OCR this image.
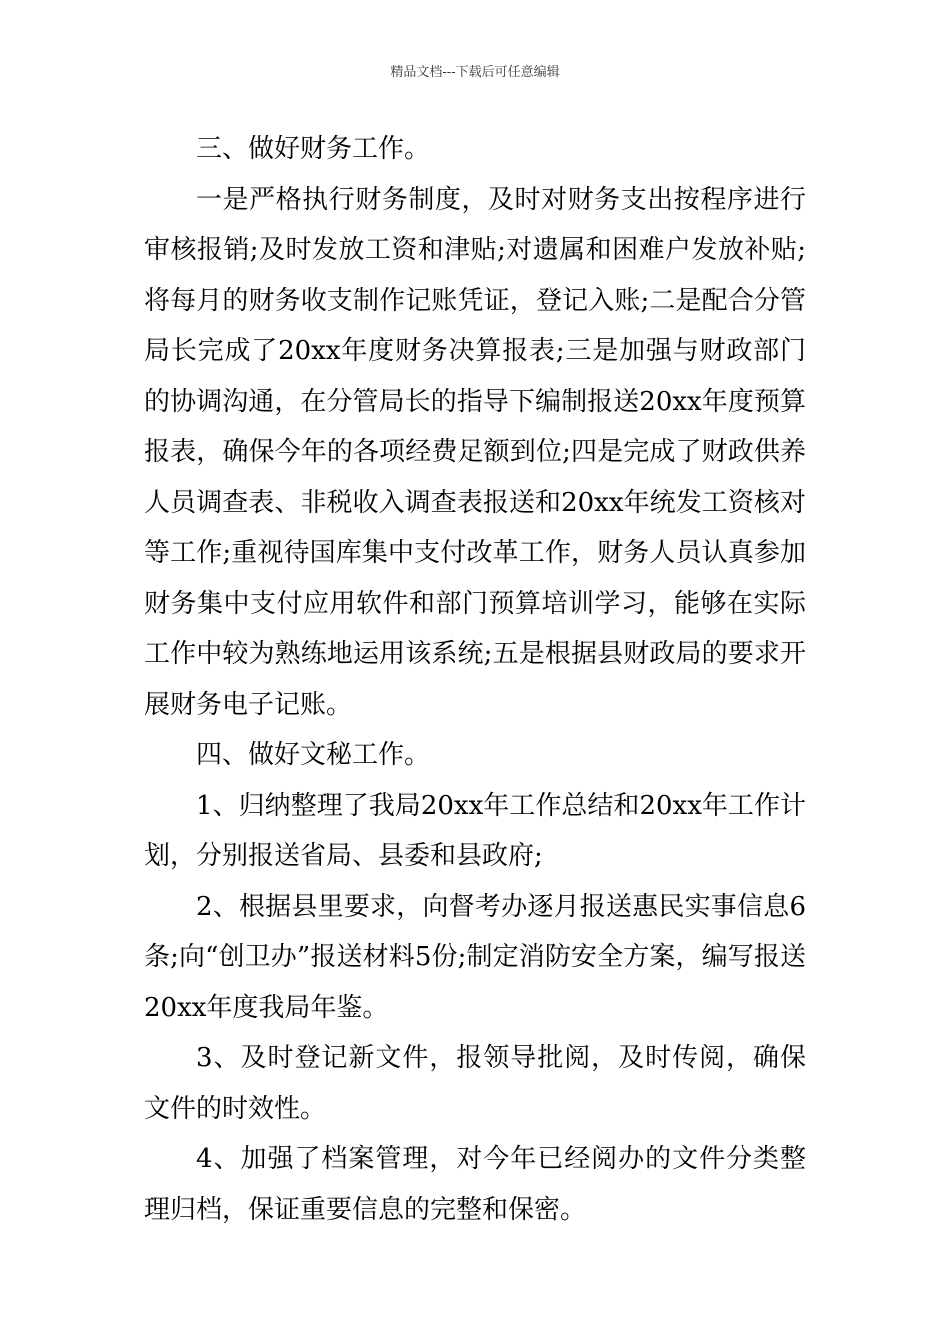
精品文档---下载后可任意编辑

三、做好财务工作。

一是严格执行财务制度，及时对财务支出按程序进行审核报销;及时发放工资和津贴;对遗属和困难户发放补贴;将每月的财务收支制作记账凭证，登记入账;二是配合分管局长完成了20xx年度财务决算报表;三是加强与财政部门的协调沟通，在分管局长的指导下编制报送20xx年度预算报表，确保今年的各项经费足额到位;四是完成了财政供养人员调查表、非税收入调查表报送和20xx年统发工资核对等工作;重视待国库集中支付改革工作，财务人员认真参加财务集中支付应用软件和部门预算培训学习，能够在实际工作中较为熟练地运用该系统;五是根据县财政局的要求开展财务电子记账。

四、做好文秘工作。

1、归纳整理了我局20xx年工作总结和20xx年工作计划，分别报送省局、县委和县政府;

2、根据县里要求，向督考办逐月报送惠民实事信息6条;向“创卫办”报送材料5份;制定消防安全方案，编写报送20xx年度我局年鉴。

3、及时登记新文件，报领导批阅，及时传阅，确保文件的时效性。

4、加强了档案管理，对今年已经阅办的文件分类整理归档，保证重要信息的完整和保密。
